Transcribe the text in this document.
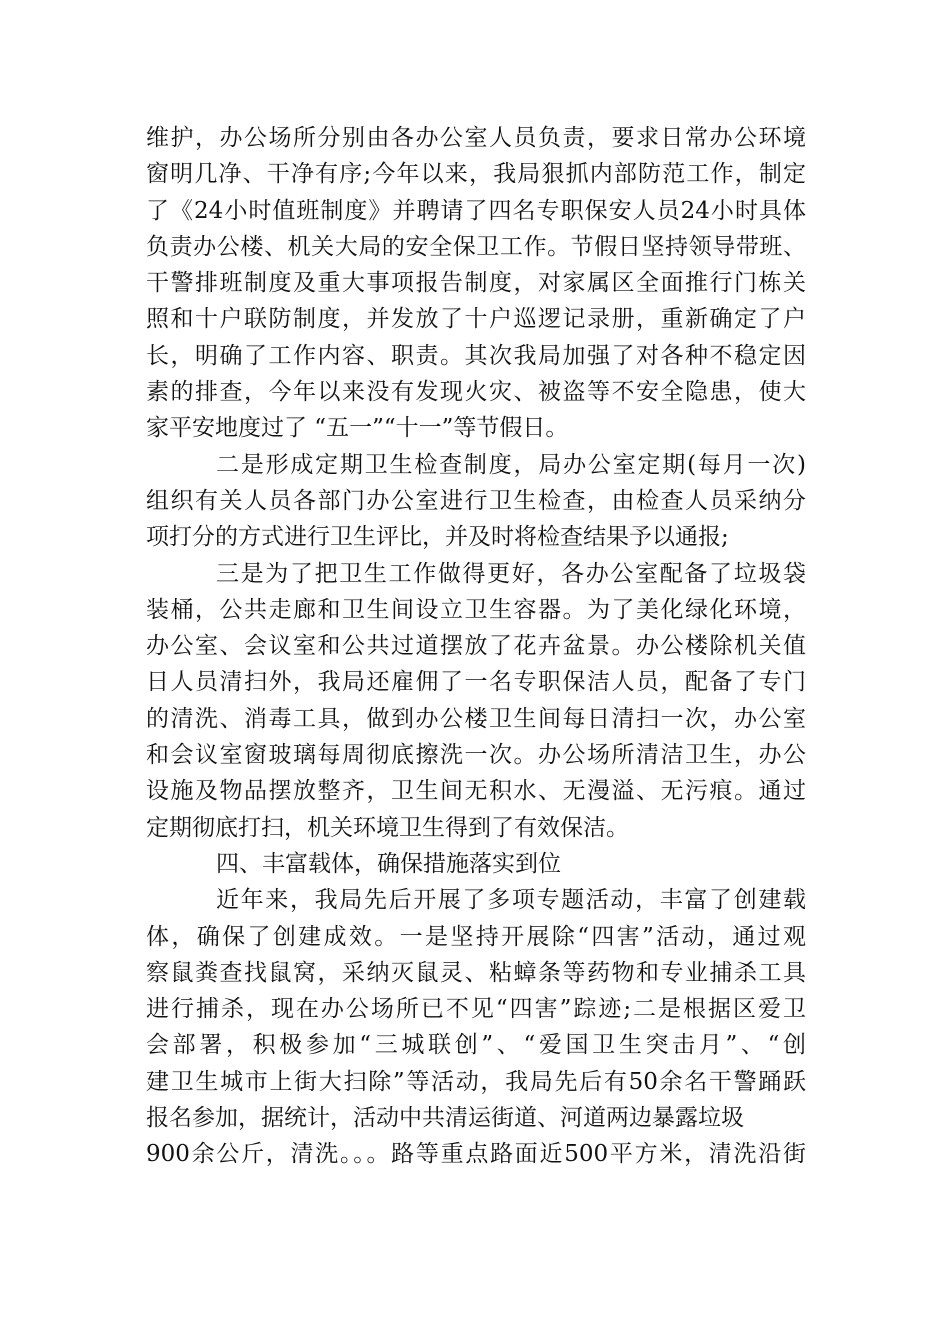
维护，办公场所分别由各办公室人员负责，要求日常办公环境
窗明几净、干净有序;今年以来，我局狠抓内部防范工作，制定
了《24小时值班制度》并聘请了四名专职保安人员24小时具体
负责办公楼、机关大局的安全保卫工作。节假日坚持领导带班、
干警排班制度及重大事项报告制度，对家属区全面推行门栋关
照和十户联防制度，并发放了十户巡逻记录册，重新确定了户
长，明确了工作内容、职责。其次我局加强了对各种不稳定因
素的排查，今年以来没有发现火灾、被盗等不安全隐患，使大
家平安地度过了 “五一”“十一”等节假日。
二是形成定期卫生检查制度，局办公室定期(每月一次)
组织有关人员各部门办公室进行卫生检查，由检查人员采纳分
项打分的方式进行卫生评比，并及时将检查结果予以通报;
三是为了把卫生工作做得更好，各办公室配备了垃圾袋
装桶，公共走廊和卫生间设立卫生容器。为了美化绿化环境，
办公室、会议室和公共过道摆放了花卉盆景。办公楼除机关值
日人员清扫外，我局还雇佣了一名专职保洁人员，配备了专门
的清洗、消毒工具，做到办公楼卫生间每日清扫一次，办公室
和会议室窗玻璃每周彻底擦洗一次。办公场所清洁卫生，办公
设施及物品摆放整齐，卫生间无积水、无漫溢、无污痕。通过
定期彻底打扫，机关环境卫生得到了有效保洁。
四、丰富载体，确保措施落实到位
近年来，我局先后开展了多项专题活动，丰富了创建载
体，确保了创建成效。一是坚持开展除“四害”活动，通过观
察鼠粪查找鼠窝，采纳灭鼠灵、粘蟑条等药物和专业捕杀工具
进行捕杀，现在办公场所已不见“四害”踪迹;二是根据区爱卫
会部署，积极参加“三城联创”、“爱国卫生突击月”、“创
建卫生城市上街大扫除”等活动，我局先后有50余名干警踊跃
报名参加，据统计，活动中共清运街道、河道两边暴露垃圾
900余公斤，清洗。。。路等重点路面近500平方米，清洗沿街
